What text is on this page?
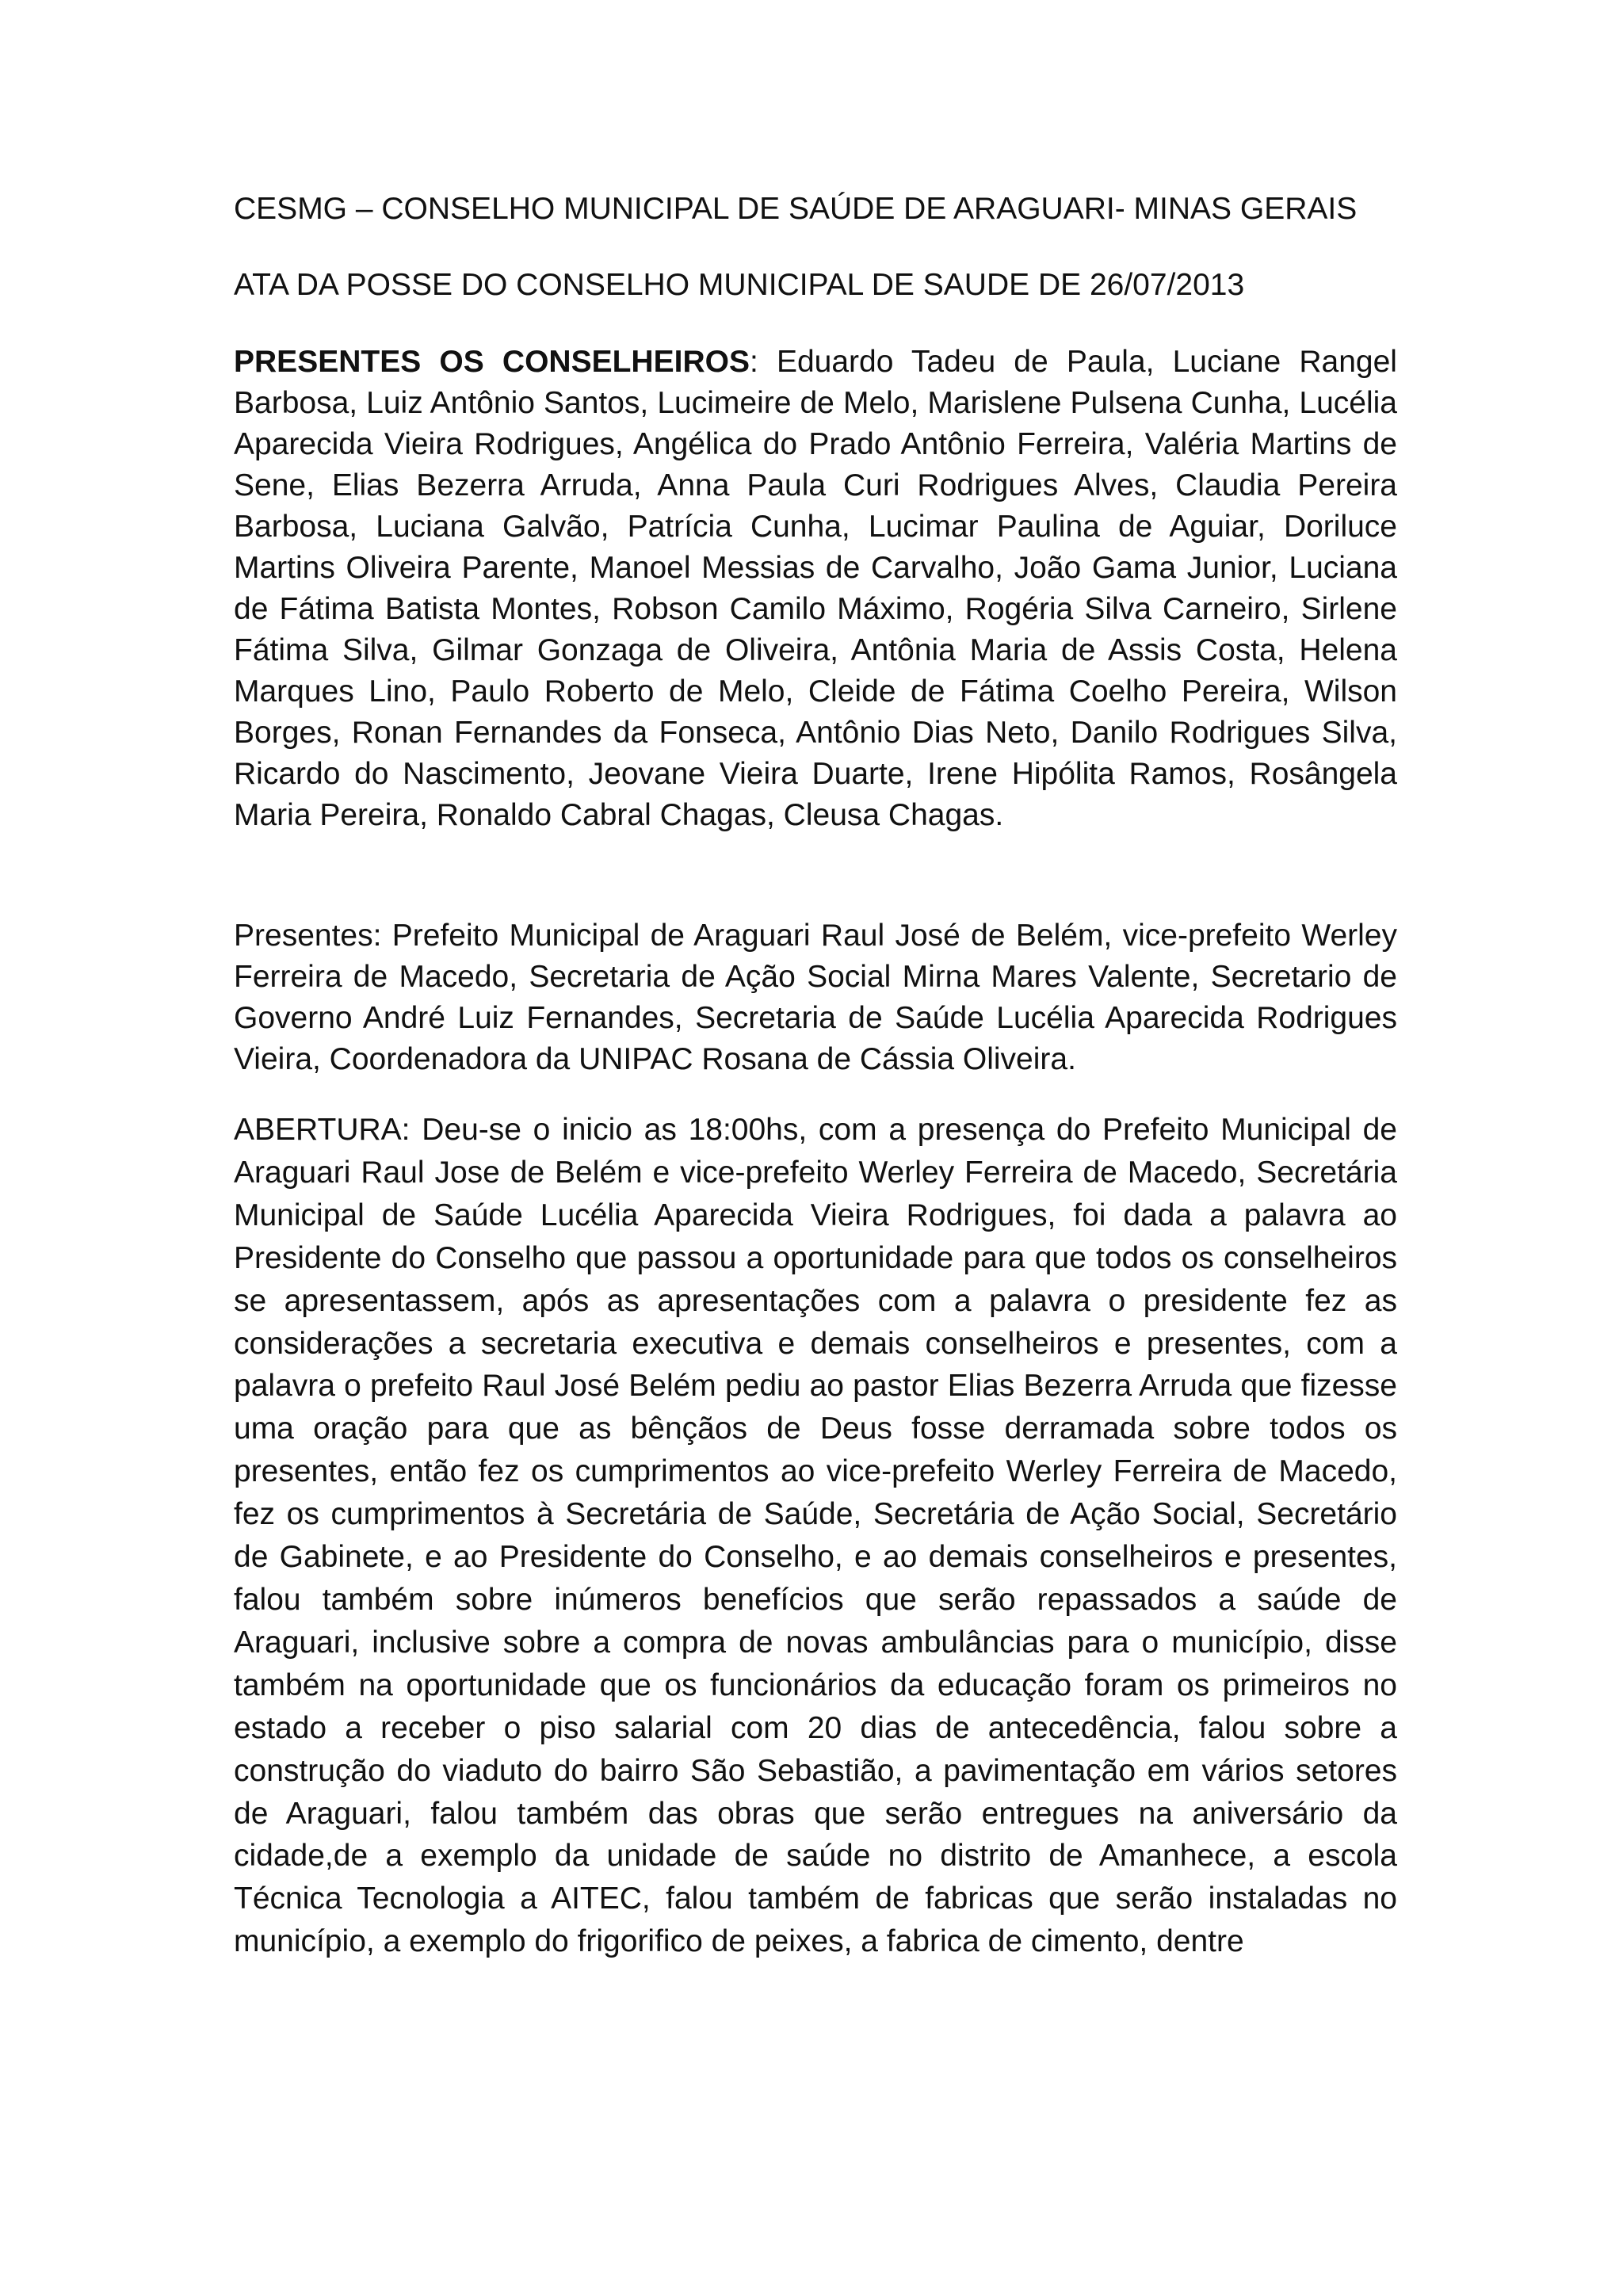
CESMG – CONSELHO MUNICIPAL DE SAÚDE DE ARAGUARI- MINAS GERAIS

ATA DA POSSE DO CONSELHO MUNICIPAL DE SAUDE DE 26/07/2013

PRESENTES OS CONSELHEIROS: Eduardo Tadeu de Paula, Luciane Rangel Barbosa, Luiz Antônio Santos, Lucimeire de Melo, Marislene Pulsena Cunha, Lucélia Aparecida Vieira Rodrigues, Angélica do Prado Antônio Ferreira, Valéria Martins de Sene, Elias Bezerra Arruda, Anna Paula Curi Rodrigues Alves, Claudia Pereira Barbosa, Luciana Galvão, Patrícia Cunha, Lucimar Paulina de Aguiar, Doriluce Martins Oliveira Parente, Manoel Messias de Carvalho, João Gama Junior, Luciana de Fátima Batista Montes, Robson Camilo Máximo, Rogéria Silva Carneiro, Sirlene Fátima Silva, Gilmar Gonzaga de Oliveira, Antônia Maria de Assis Costa, Helena Marques Lino, Paulo Roberto de Melo, Cleide de Fátima Coelho Pereira, Wilson Borges, Ronan Fernandes da Fonseca, Antônio Dias Neto, Danilo Rodrigues Silva, Ricardo do Nascimento, Jeovane Vieira Duarte, Irene Hipólita Ramos, Rosângela Maria Pereira, Ronaldo Cabral Chagas, Cleusa Chagas.

Presentes: Prefeito Municipal de Araguari Raul José de Belém, vice-prefeito Werley Ferreira de Macedo, Secretaria de Ação Social Mirna Mares Valente, Secretario de Governo André Luiz Fernandes, Secretaria de Saúde Lucélia Aparecida Rodrigues Vieira, Coordenadora da UNIPAC Rosana de Cássia Oliveira.

ABERTURA: Deu-se o inicio as 18:00hs, com a presença do Prefeito Municipal de Araguari Raul Jose de Belém e vice-prefeito Werley Ferreira de Macedo, Secretária Municipal de Saúde Lucélia Aparecida Vieira Rodrigues, foi dada a palavra ao Presidente do Conselho que passou a oportunidade para que todos os conselheiros se apresentassem, após as apresentações com a palavra o presidente fez as considerações a secretaria executiva e demais conselheiros e presentes, com a palavra o prefeito Raul José Belém pediu ao pastor Elias Bezerra Arruda que fizesse uma oração para que as bênçãos de Deus fosse derramada sobre todos os presentes, então fez os cumprimentos ao vice-prefeito Werley Ferreira de Macedo, fez os cumprimentos à Secretária de Saúde, Secretária de Ação Social, Secretário de Gabinete, e ao Presidente do Conselho, e ao demais conselheiros e presentes, falou também sobre inúmeros benefícios que serão repassados a saúde de Araguari, inclusive sobre a compra de novas ambulâncias para o município, disse também na oportunidade que os funcionários da educação foram os primeiros no estado a receber o piso salarial com 20 dias de antecedência, falou sobre a construção do viaduto do bairro São Sebastião, a pavimentação em vários setores de Araguari, falou também das obras que serão entregues na aniversário da cidade,de a exemplo da unidade de saúde no distrito de Amanhece, a escola Técnica Tecnologia a AITEC, falou também de fabricas que serão instaladas no município, a exemplo do frigorifico de peixes, a fabrica de cimento, dentre
